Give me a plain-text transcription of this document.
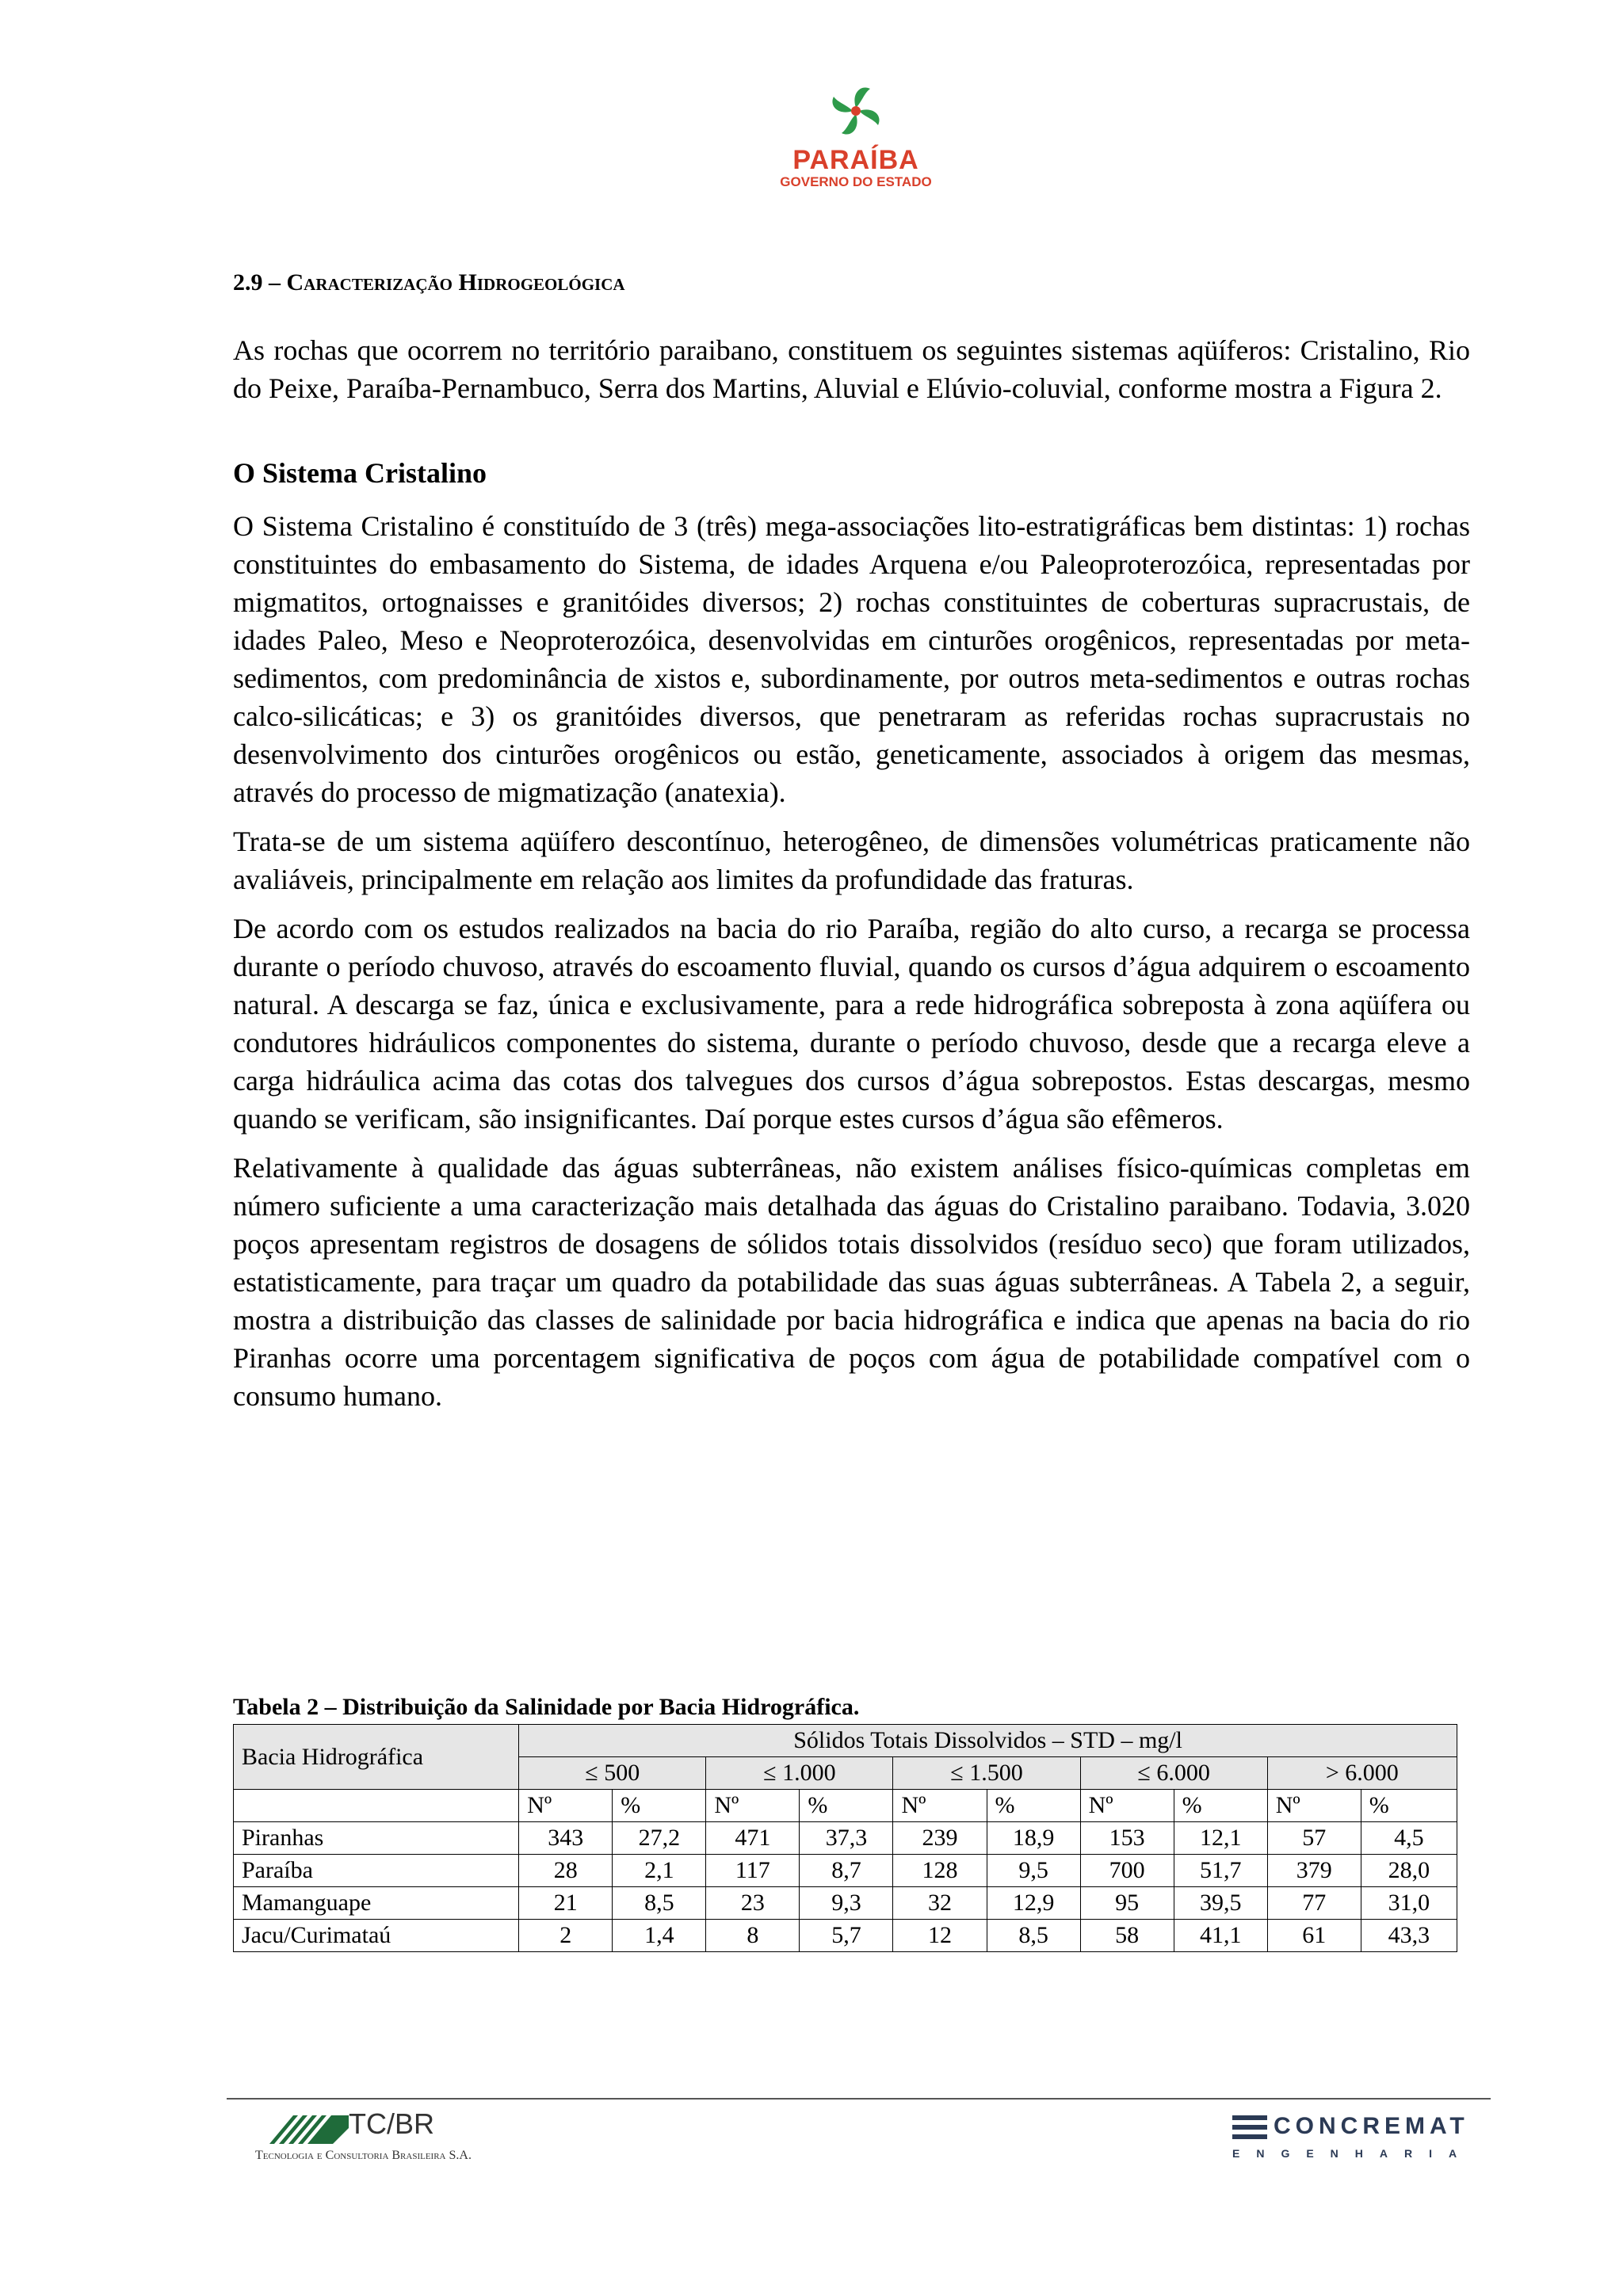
PARAÍBA
GOVERNO DO ESTADO
2.9 – Caracterização Hidrogeológica

As rochas que ocorrem no território paraibano, constituem os seguintes sistemas aqüíferos: Cristalino, Rio do Peixe, Paraíba-Pernambuco, Serra dos Martins, Aluvial e Elúvio-coluvial, conforme mostra a Figura 2.

O Sistema Cristalino

O Sistema Cristalino é constituído de 3 (três) mega-associações lito-estratigráficas bem distintas: 1) rochas constituintes do embasamento do Sistema, de idades Arquena e/ou Paleoproterozóica, representadas por migmatitos, ortognaisses e granitóides diversos; 2) rochas constituintes de coberturas supracrustais, de idades Paleo, Meso e Neoproterozóica, desenvolvidas em cinturões orogênicos, representadas por meta-sedimentos, com predominância de xistos e, subordinamente, por outros meta-sedimentos e outras rochas calco-silicáticas; e 3) os granitóides diversos, que penetraram as referidas rochas supracrustais no desenvolvimento dos cinturões orogênicos ou estão, geneticamente, associados à origem das mesmas, através do processo de migmatização (anatexia).

Trata-se de um sistema aqüífero descontínuo, heterogêneo, de dimensões volumétricas praticamente não avaliáveis, principalmente em relação aos limites da profundidade das fraturas.

De acordo com os estudos realizados na bacia do rio Paraíba, região do alto curso, a recarga se processa durante o período chuvoso, através do escoamento fluvial, quando os cursos d’água adquirem o escoamento natural. A descarga se faz, única e exclusivamente, para a rede hidrográfica sobreposta à zona aqüífera ou condutores hidráulicos componentes do sistema, durante o período chuvoso, desde que a recarga eleve a carga hidráulica acima das cotas dos talvegues dos cursos d’água sobrepostos. Estas descargas, mesmo quando se verificam, são insignificantes. Daí porque estes cursos d’água são efêmeros.

Relativamente à qualidade das águas subterrâneas, não existem análises físico-químicas completas em número suficiente a uma caracterização mais detalhada das águas do Cristalino paraibano. Todavia, 3.020 poços apresentam registros de dosagens de sólidos totais dissolvidos (resíduo seco) que foram utilizados, estatisticamente, para traçar um quadro da potabilidade das suas águas subterrâneas. A Tabela 2, a seguir, mostra a distribuição das classes de salinidade por bacia hidrográfica e indica que apenas na bacia do rio Piranhas ocorre uma porcentagem significativa de poços com água de potabilidade compatível com o consumo humano.

Tabela 2 – Distribuição da Salinidade por Bacia Hidrográfica.
Bacia Hidrográfica	Sólidos Totais Dissolvidos – STD – mg/l									
	≤ 500		≤ 1.000		≤ 1.500		≤ 6.000		> 6.000	
	Nº	%	Nº	%	Nº	%	Nº	%	Nº	%
Piranhas	343	27,2	471	37,3	239	18,9	153	12,1	57	4,5
Paraíba	28	2,1	117	8,7	128	9,5	700	51,7	379	28,0
Mamanguape	21	8,5	23	9,3	32	12,9	95	39,5	77	31,0
Jacu/Curimataú	2	1,4	8	5,7	12	8,5	58	41,1	61	43,3
TC/BR
Tecnologia e Consultoria Brasileira S.A.
CONCREMAT
ENGENHARIA
